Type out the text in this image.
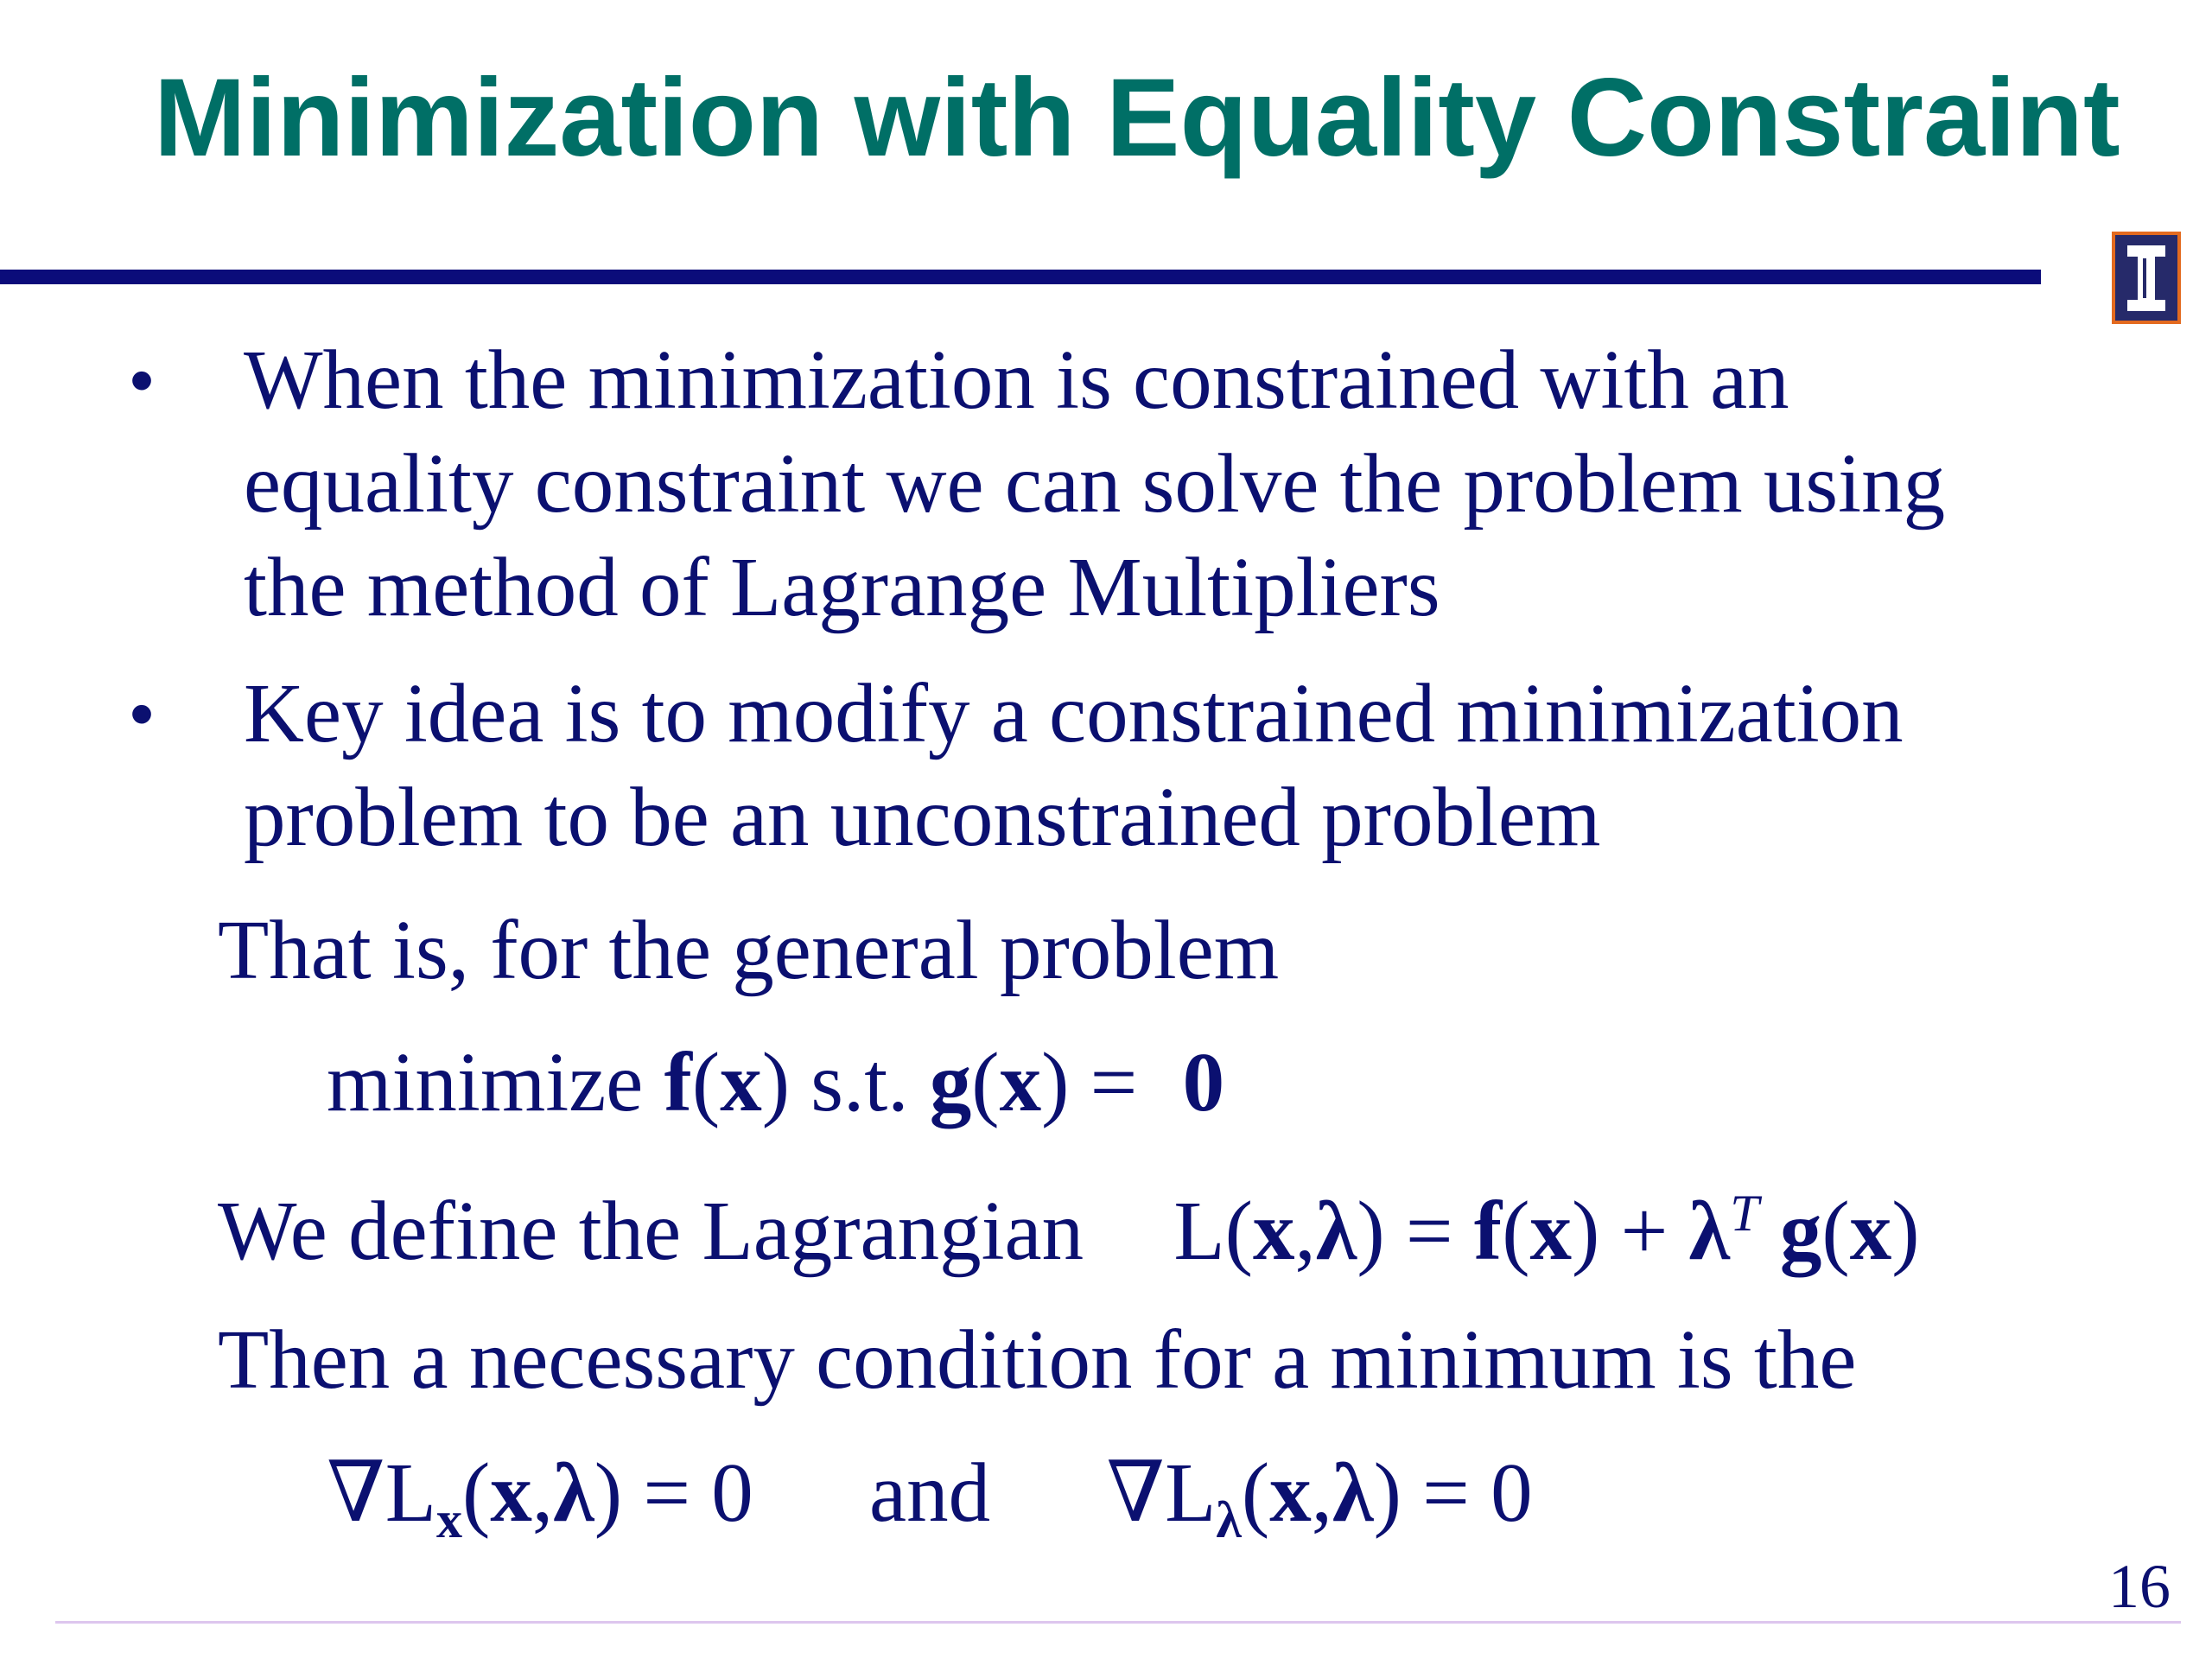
Minimization with Equality Constraint
• When the minimization is constrained with an equality constraint we can solve the problem using the method of Lagrange Multipliers
• Key idea is to modify a constrained minimization problem to be an unconstrained problem
That is, for the general problem
minimize f(x) s.t. g(x) = 0
We define the Lagrangian $L(x,\lambda) = f(x) + \lambda^T$ g(x)
Then a necessary condition for a minimum is the
$\nabla L_x(x,\lambda) = 0$ and $\nabla L_\lambda(x,\lambda) = 0$
16
